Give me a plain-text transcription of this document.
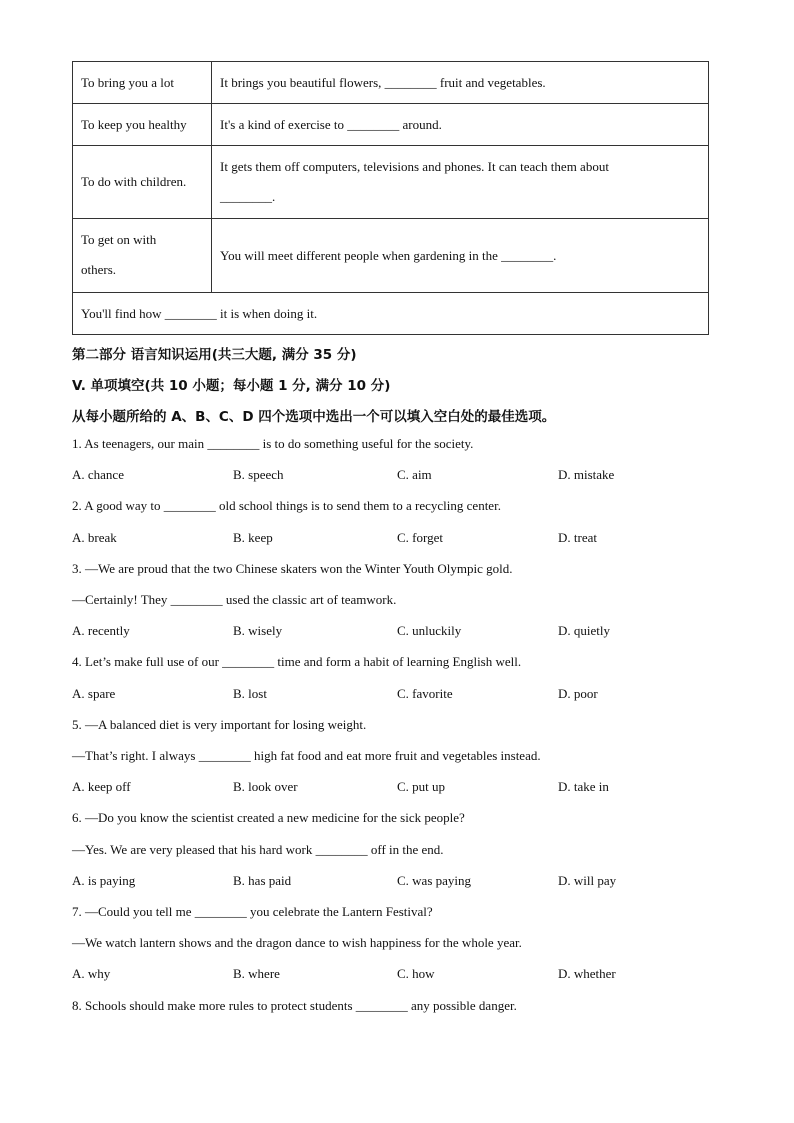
To bring you a lot	It brings you beautiful flowers, ________ fruit and vegetables.
To keep you healthy	It's a kind of exercise to ________ around.
To do with children.	It gets them off computers, televisions and phones. It can teach them about
________.

To get on with
others.	You will meet different people when gardening in the ________.
You'll find how ________ it is when doing it.	
第二部分 语言知识运用(共三大题, 满分 35 分)
V. 单项填空(共 10 小题；每小题 1 分, 满分 10 分)
从每小题所给的 A、B、C、D 四个选项中选出一个可以填入空白处的最佳选项。
1. As teenagers, our main ________ is to do something useful for the society.
A. chance	B. speech	C. aim	D. mistake
2. A good way to ________ old school things is to send them to a recycling center.
A. break	B. keep	C. forget	D. treat
3. —We are proud that the two Chinese skaters won the Winter Youth Olympic gold.
—Certainly! They ________ used the classic art of teamwork.
A. recently	B. wisely	C. unluckily	D. quietly
4. Let’s make full use of our ________ time and form a habit of learning English well.
A. spare	B. lost	C. favorite	D. poor
5. —A balanced diet is very important for losing weight.
—That’s right. I always ________ high fat food and eat more fruit and vegetables instead.
A. keep off	B. look over	C. put up	D. take in
6. —Do you know the scientist created a new medicine for the sick people?
—Yes. We are very pleased that his hard work ________ off in the end.
A. is paying	B. has paid	C. was paying	D. will pay
7. —Could you tell me ________ you celebrate the Lantern Festival?
—We watch lantern shows and the dragon dance to wish happiness for the whole year.
A. why	B. where	C. how	D. whether
8. Schools should make more rules to protect students ________ any possible danger.
